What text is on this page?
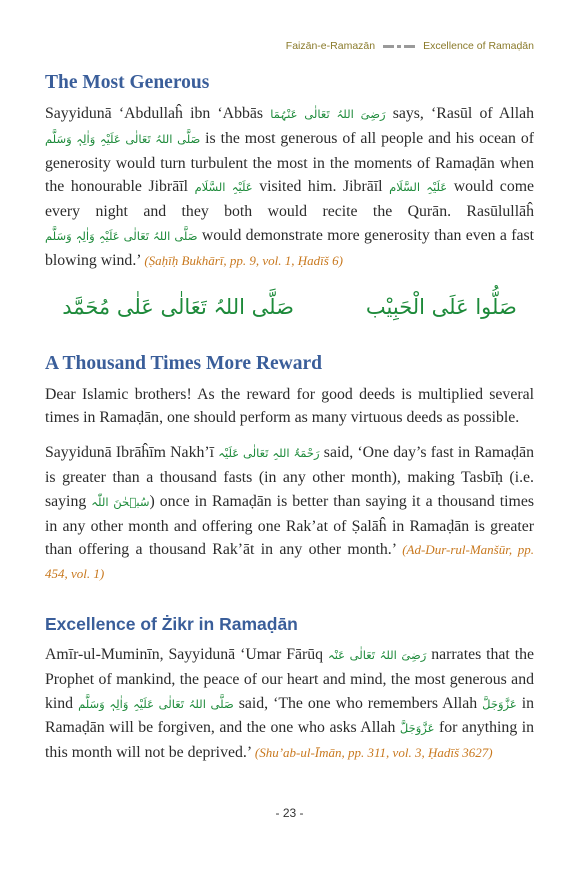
Faizān-e-Ramazān	Excellence of Ramaḍān
The Most Generous

Sayyidunā ‘Abdullaĥ ibn ‘Abbās رَضِیَ اللہُ تَعَالٰی عَنْہُمَا says, ‘Rasūl of Allah صَلَّی اللہُ تَعَالٰی عَلَیْہِ وَاٰلِہٖ وَسَلَّم is the most generous of all people and his ocean of generosity would turn turbulent the most in the moments of Ramaḍān when the honourable Jibrāīl عَلَیْہِ السَّلَام visited him. Jibrāīl عَلَیْہِ السَّلَام would come every night and they both would recite the Qurān. Rasūlullāĥ صَلَّی اللہُ تَعَالٰی عَلَیْہِ وَاٰلِہٖ وَسَلَّم would demonstrate more generosity than even a fast blowing wind.’ (Ṣaḥīḥ Bukhārī, pp. 9, vol. 1, Ḥadīš 6)

صَلُّوا عَلَی الْحَبِیْب
صَلَّی اللہُ تَعَالٰی عَلٰی مُحَمَّد
A Thousand Times More Reward

Dear Islamic brothers! As the reward for good deeds is multiplied several times in Ramaḍān, one should perform as many virtuous deeds as possible.

Sayyidunā Ibrāĥīm Nakh’ī رَحْمَۃُ اللہِ تَعَالٰی عَلَیْہ said, ‘One day’s fast in Ramaḍān is greater than a thousand fasts (in any other month), making Tasbīḥ (i.e. saying سُبۡحٰنَ اللّٰہ) once in Ramaḍān is better than saying it a thousand times in any other month and offering one Rak’at of Ṣalāĥ in Ramaḍān is greater than offering a thousand Rak’āt in any other month.’ (Ad-Dur-rul-Manšūr, pp. 454, vol. 1)

Excellence of Żikr in Ramaḍān

Amīr-ul-Muminīn, Sayyidunā ‘Umar Fārūq رَضِیَ اللہُ تَعَالٰی عَنْہ narrates that the Prophet of mankind, the peace of our heart and mind, the most generous and kind صَلَّی اللہُ تَعَالٰی عَلَیْہِ وَاٰلِہٖ وَسَلَّم said, ‘The one who remembers Allah عَزَّوَجَلَّ in Ramaḍān will be forgiven, and the one who asks Allah عَزَّوَجَلَّ for anything in this month will not be deprived.’ (Shu’ab-ul-Īmān, pp. 311, vol. 3, Ḥadīš 3627)

- 23 -
